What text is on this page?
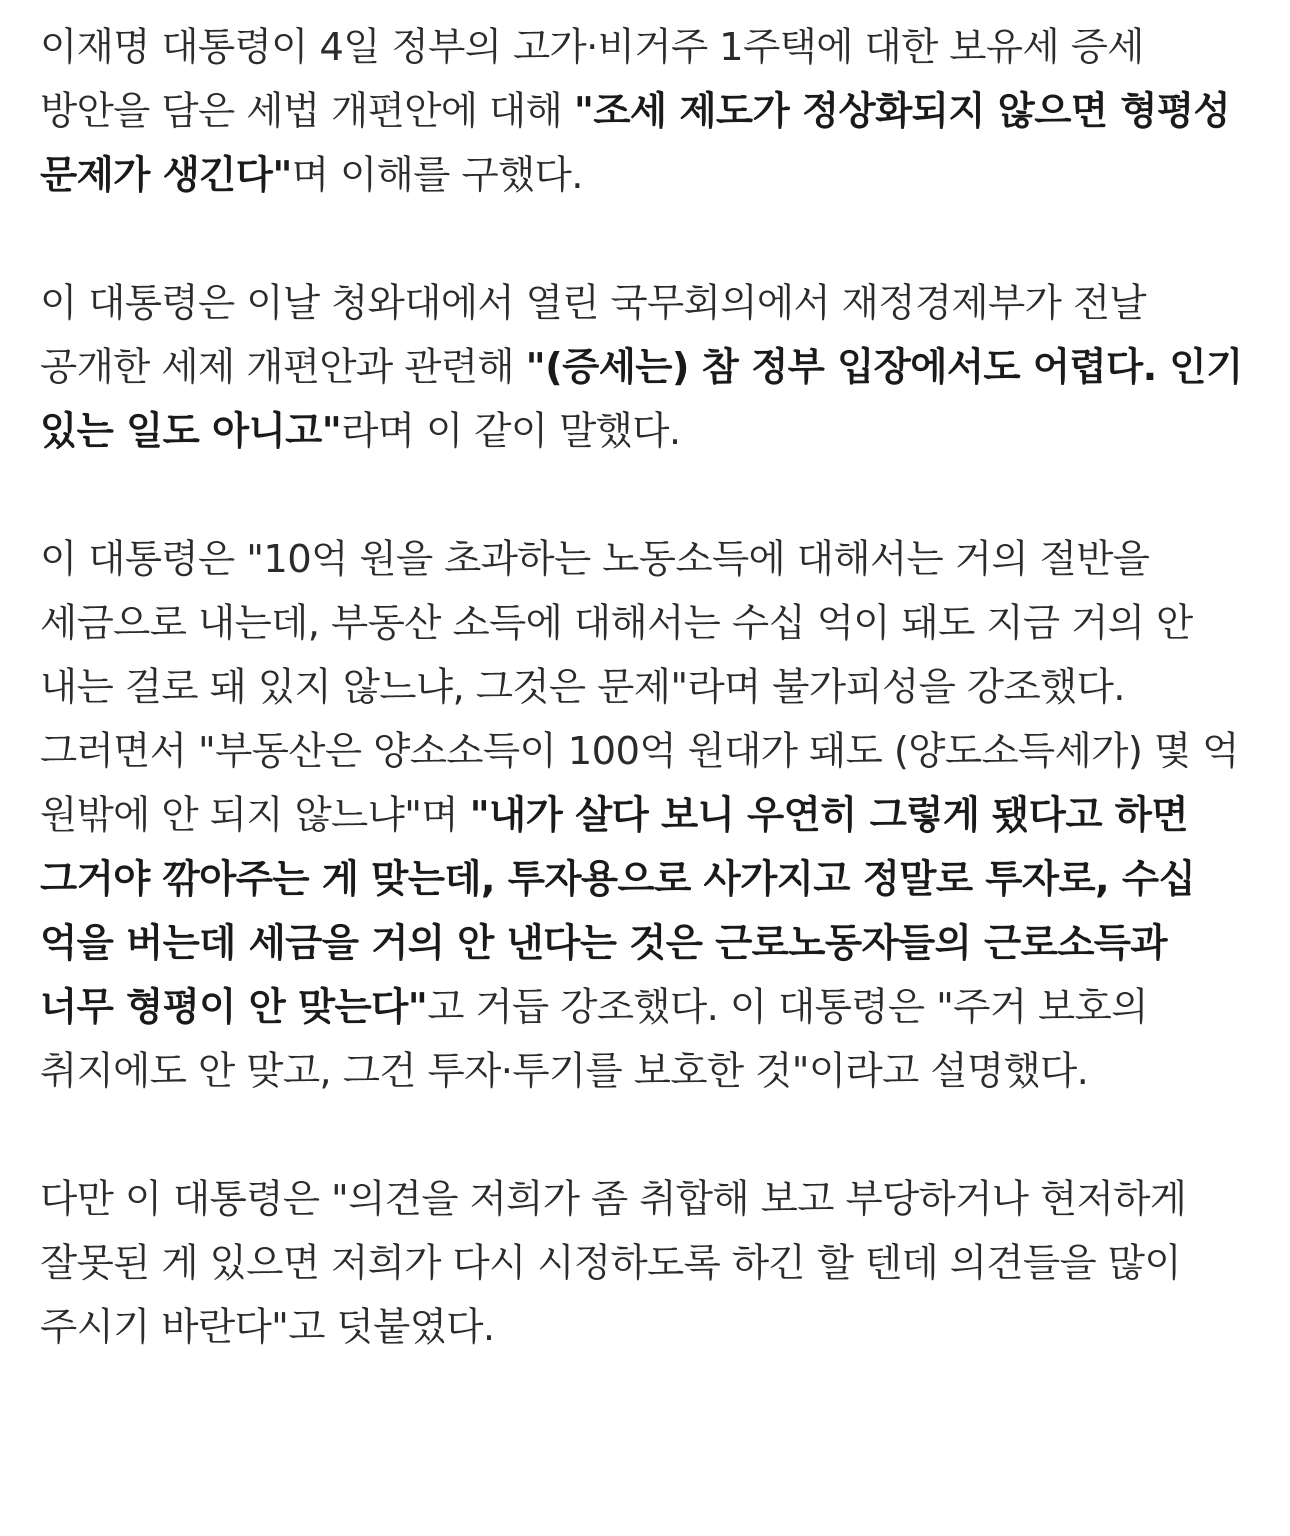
이재명 대통령이 4일 정부의 고가·비거주 1주택에 대한 보유세 증세 방안을 담은 세법 개편안에 대해 "조세 제도가 정상화되지 않으면 형평성 문제가 생긴다"며 이해를 구했다.

이 대통령은 이날 청와대에서 열린 국무회의에서 재정경제부가 전날 공개한 세제 개편안과 관련해 "(증세는) 참 정부 입장에서도 어렵다. 인기 있는 일도 아니고"라며 이 같이 말했다.

이 대통령은 "10억 원을 초과하는 노동소득에 대해서는 거의 절반을 세금으로 내는데, 부동산 소득에 대해서는 수십 억이 돼도 지금 거의 안 내는 걸로 돼 있지 않느냐, 그것은 문제"라며 불가피성을 강조했다. 그러면서 "부동산은 양소소득이 100억 원대가 돼도 (양도소득세가) 몇 억 원밖에 안 되지 않느냐"며 "내가 살다 보니 우연히 그렇게 됐다고 하면 그거야 깎아주는 게 맞는데, 투자용으로 사가지고 정말로 투자로, 수십 억을 버는데 세금을 거의 안 낸다는 것은 근로노동자들의 근로소득과 너무 형평이 안 맞는다"고 거듭 강조했다. 이 대통령은 "주거 보호의 취지에도 안 맞고, 그건 투자·투기를 보호한 것"이라고 설명했다.

다만 이 대통령은 "의견을 저희가 좀 취합해 보고 부당하거나 현저하게 잘못된 게 있으면 저희가 다시 시정하도록 하긴 할 텐데 의견들을 많이 주시기 바란다"고 덧붙였다.
